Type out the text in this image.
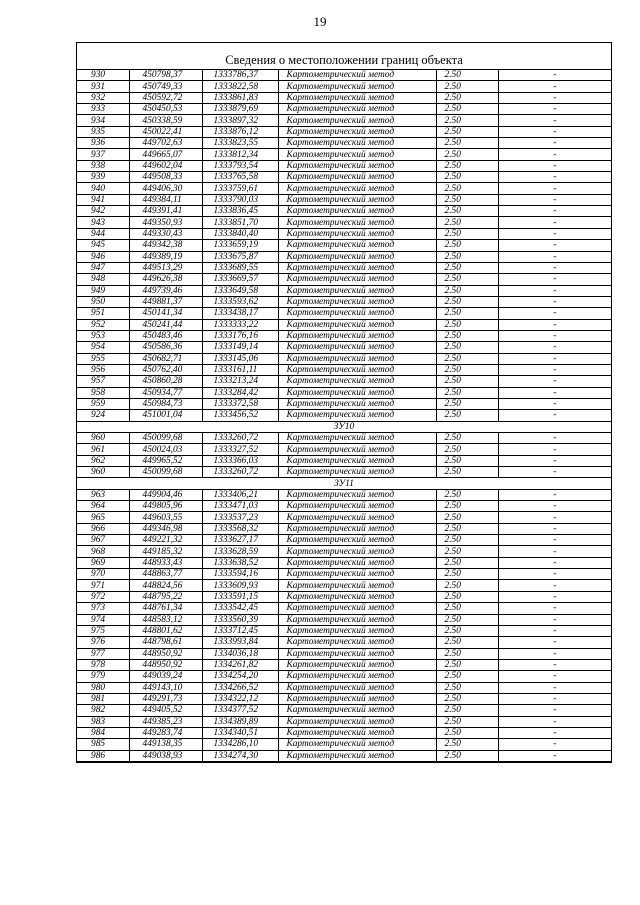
19
Сведения о местоположении границ объекта
930	450798,37	1333786,37	Картометрический метод	2.50	-
931	450749,33	1333822,58	Картометрический метод	2.50	-
932	450592,72	1333861,83	Картометрический метод	2.50	-
933	450450,53	1333879,69	Картометрический метод	2.50	-
934	450338,59	1333897,32	Картометрический метод	2.50	-
935	450022,41	1333876,12	Картометрический метод	2.50	-
936	449702,63	1333823,55	Картометрический метод	2.50	-
937	449665,07	1333812,34	Картометрический метод	2.50	-
938	449602,04	1333793,54	Картометрический метод	2.50	-
939	449508,33	1333765,58	Картометрический метод	2.50	-
940	449406,30	1333759,61	Картометрический метод	2.50	-
941	449384,11	1333790,03	Картометрический метод	2.50	-
942	449391,41	1333836,45	Картометрический метод	2.50	-
943	449350,93	1333851,70	Картометрический метод	2.50	-
944	449330,43	1333840,40	Картометрический метод	2.50	-
945	449342,38	1333659,19	Картометрический метод	2.50	-
946	449389,19	1333675,87	Картометрический метод	2.50	-
947	449513,29	1333689,55	Картометрический метод	2.50	-
948	449626,38	1333669,57	Картометрический метод	2.50	-
949	449739,46	1333649,58	Картометрический метод	2.50	-
950	449881,37	1333593,62	Картометрический метод	2.50	-
951	450141,34	1333438,17	Картометрический метод	2.50	-
952	450241,44	1333333,22	Картометрический метод	2.50	-
953	450483,46	1333176,16	Картометрический метод	2.50	-
954	450586,36	1333149,14	Картометрический метод	2.50	-
955	450682,71	1333145,06	Картометрический метод	2.50	-
956	450762,40	1333161,11	Картометрический метод	2.50	-
957	450860,28	1333213,24	Картометрический метод	2.50	-
958	450934,77	1333284,42	Картометрический метод	2.50	-
959	450984,73	1333372,58	Картометрический метод	2.50	-
924	451001,04	1333456,52	Картометрический метод	2.50	-
ЗУ10					
960	450099,68	1333260,72	Картометрический метод	2.50	-
961	450024,03	1333327,52	Картометрический метод	2.50	-
962	449965,52	1333366,03	Картометрический метод	2.50	-
960	450099,68	1333260,72	Картометрический метод	2.50	-
ЗУ11					
963	449904,46	1333406,21	Картометрический метод	2.50	-
964	449805,96	1333471,03	Картометрический метод	2.50	-
965	449603,55	1333537,23	Картометрический метод	2.50	-
966	449346,98	1333568,32	Картометрический метод	2.50	-
967	449221,32	1333627,17	Картометрический метод	2.50	-
968	449185,32	1333628,59	Картометрический метод	2.50	-
969	448933,43	1333638,52	Картометрический метод	2.50	-
970	448863,77	1333594,16	Картометрический метод	2.50	-
971	448824,56	1333609,93	Картометрический метод	2.50	-
972	448795,22	1333591,15	Картометрический метод	2.50	-
973	448761,34	1333542,45	Картометрический метод	2.50	-
974	448583,12	1333560,39	Картометрический метод	2.50	-
975	448801,62	1333712,45	Картометрический метод	2.50	-
976	448798,61	1333993,84	Картометрический метод	2.50	-
977	448950,92	1334036,18	Картометрический метод	2.50	-
978	448950,92	1334261,82	Картометрический метод	2.50	-
979	449039,24	1334254,20	Картометрический метод	2.50	-
980	449143,10	1334266,52	Картометрический метод	2.50	-
981	449291,73	1334322,12	Картометрический метод	2.50	-
982	449405,52	1334377,52	Картометрический метод	2.50	-
983	449385,23	1334389,89	Картометрический метод	2.50	-
984	449283,74	1334340,51	Картометрический метод	2.50	-
985	449138,35	1334286,10	Картометрический метод	2.50	-
986	449038,93	1334274,30	Картометрический метод	2.50	-
